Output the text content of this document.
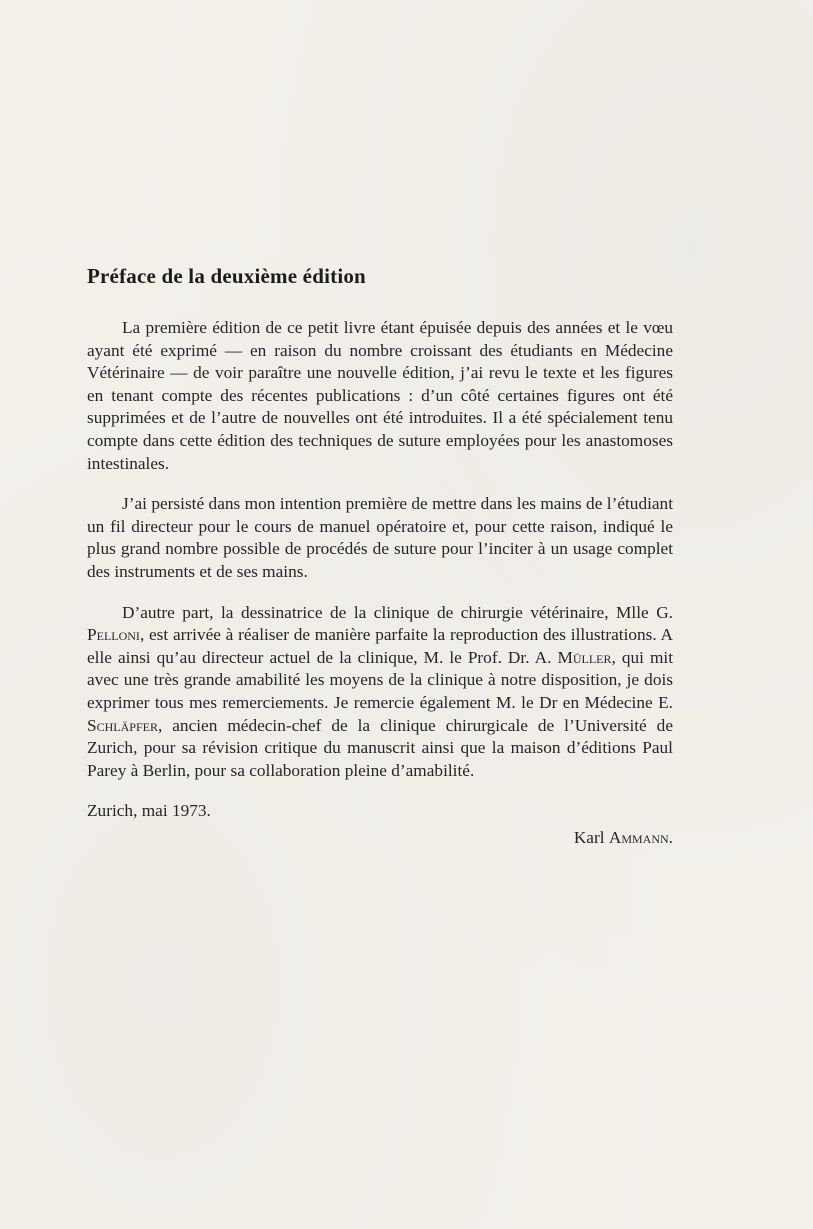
Préface de la deuxième édition

La première édition de ce petit livre étant épuisée depuis des années et le vœu ayant été exprimé — en raison du nombre croissant des étudiants en Médecine Vétérinaire — de voir paraître une nouvelle édition, j’ai revu le texte et les figures en tenant compte des récentes publications : d’un côté certaines figures ont été supprimées et de l’autre de nouvelles ont été introduites. Il a été spécialement tenu compte dans cette édition des techniques de suture employées pour les anastomoses intestinales.

J’ai persisté dans mon intention première de mettre dans les mains de l’étudiant un fil directeur pour le cours de manuel opératoire et, pour cette raison, indiqué le plus grand nombre possible de procédés de suture pour l’inciter à un usage complet des instruments et de ses mains.

D’autre part, la dessinatrice de la clinique de chirurgie vétérinaire, Mlle G. Pelloni, est arrivée à réaliser de manière parfaite la reproduction des illustrations. A elle ainsi qu’au directeur actuel de la clinique, M. le Prof. Dr. A. Müller, qui mit avec une très grande amabilité les moyens de la clinique à notre disposition, je dois exprimer tous mes remerciements. Je remercie également M. le Dr en Médecine E. Schläpfer, ancien médecin-chef de la clinique chirurgicale de l’Université de Zurich, pour sa révision critique du manuscrit ainsi que la maison d’éditions Paul Parey à Berlin, pour sa collaboration pleine d’amabilité.

Zurich, mai 1973.

Karl Ammann.
